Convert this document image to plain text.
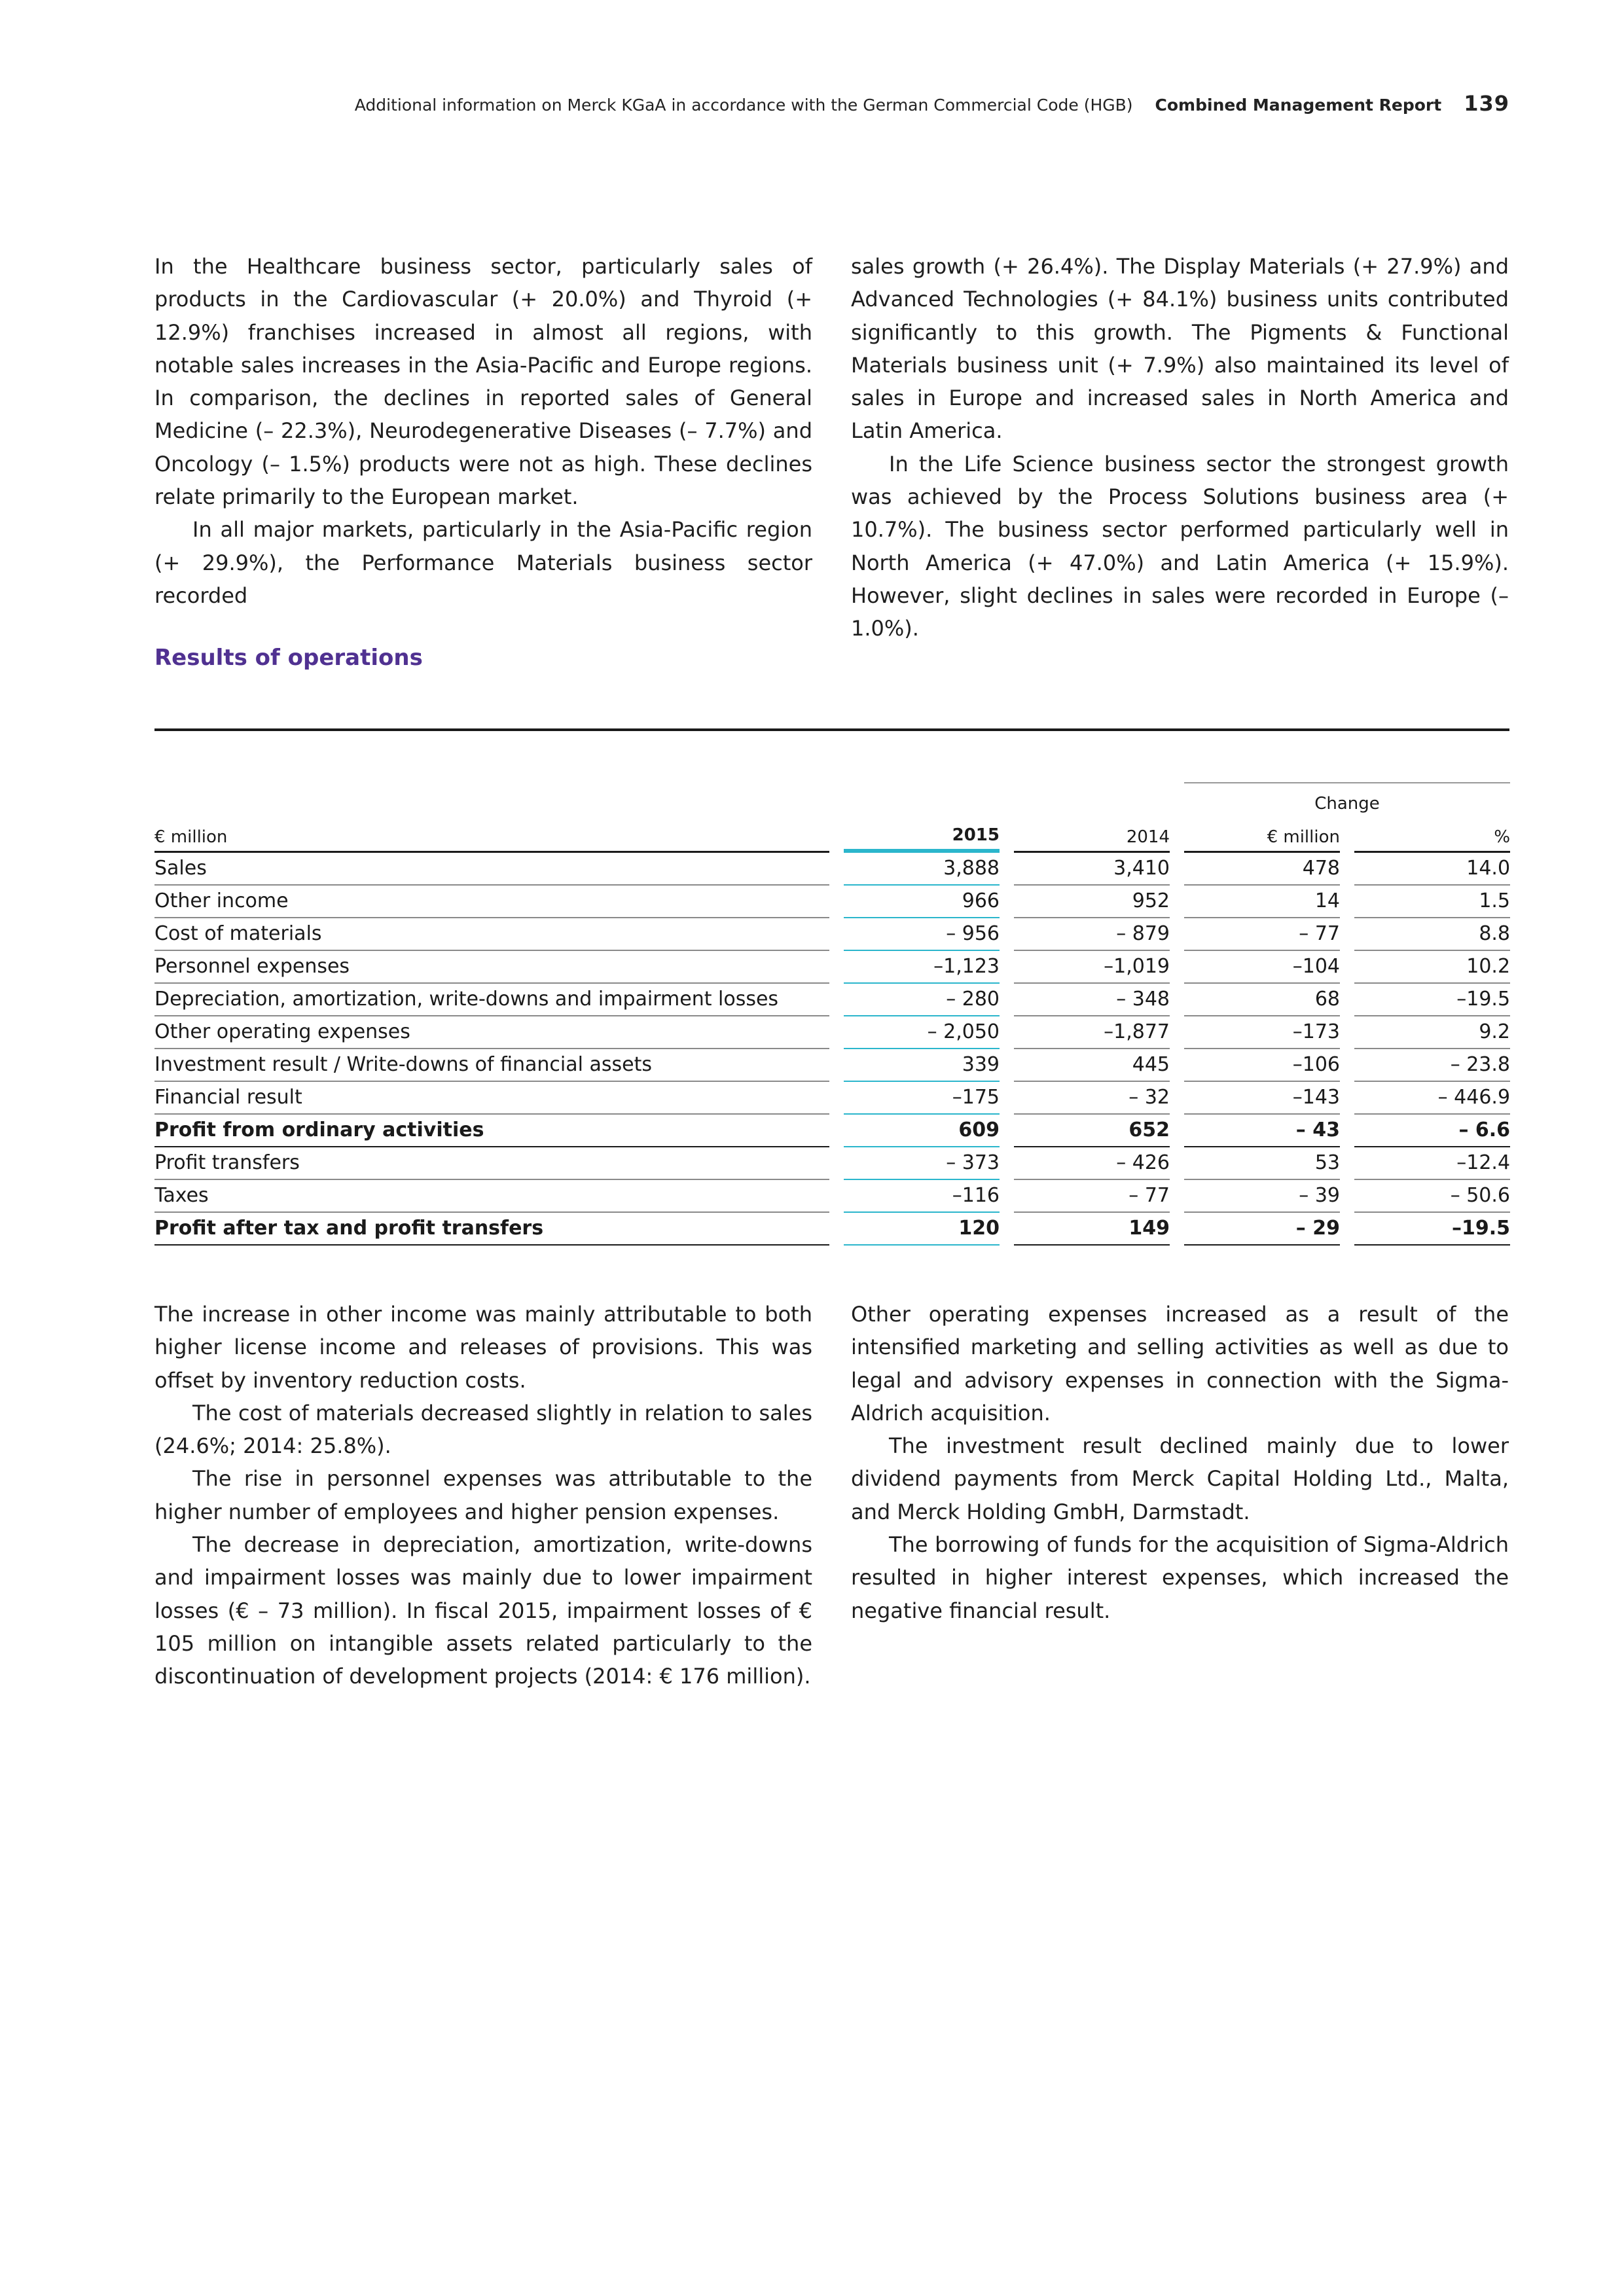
Additional information on Merck KGaA in accordance with the German Commercial Code (HGB) Combined Management Report 139

In the Healthcare business sector, particularly sales of products in the Cardiovascular (+ 20.0%) and Thyroid (+ 12.9%) franchises increased in almost all regions, with notable sales increases in the Asia-Pacific and Europe regions. In comparison, the declines in reported sales of General Medicine (– 22.3%), Neurodegenerative Diseases (– 7.7%) and Oncology (– 1.5%) products were not as high. These declines relate primarily to the European market.

In all major markets, particularly in the Asia-Pacific region (+ 29.9%), the Performance Materials business sector recorded

sales growth (+ 26.4%). The Display Materials (+ 27.9%) and Advanced Technologies (+ 84.1%) business units contributed significantly to this growth. The Pigments & Functional Materials business unit (+ 7.9%) also maintained its level of sales in Europe and increased sales in North America and Latin America.

In the Life Science business sector the strongest growth was achieved by the Process Solutions business area (+ 10.7%). The business sector performed particularly well in North America (+ 47.0%) and Latin America (+ 15.9%). However, slight declines in sales were recorded in Europe (– 1.0%).

Results of operations
						Change		
€ million		2015		2014		€ million		%
Sales		3,888		3,410		478		14.0
Other income		966		952		14		1.5
Cost of materials		– 956		– 879		– 77		8.8
Personnel expenses		–1,123		–1,019		–104		10.2
Depreciation, amortization, write-downs and impairment losses		– 280		– 348		68		–19.5
Other operating expenses		– 2,050		–1,877		–173		9.2
Investment result / Write-downs of financial assets		339		445		–106		– 23.8
Financial result		–175		– 32		–143		– 446.9
Profit from ordinary activities		609		652		– 43		– 6.6
Profit transfers		– 373		– 426		53		–12.4
Taxes		–116		– 77		– 39		– 50.6
Profit after tax and profit transfers		120		149		– 29		–19.5

The increase in other income was mainly attributable to both higher license income and releases of provisions. This was offset by inventory reduction costs.

The cost of materials decreased slightly in relation to sales (24.6%; 2014: 25.8%).

The rise in personnel expenses was attributable to the higher number of employees and higher pension expenses.

The decrease in depreciation, amortization, write-downs and impairment losses was mainly due to lower impairment losses (€ – 73 million). In fiscal 2015, impairment losses of € 105 million on intangible assets related particularly to the discontinuation of development projects (2014: € 176 million).

Other operating expenses increased as a result of the intensified marketing and selling activities as well as due to legal and advisory expenses in connection with the Sigma-Aldrich acquisition.

The investment result declined mainly due to lower dividend payments from Merck Capital Holding Ltd., Malta, and Merck Holding GmbH, Darmstadt.

The borrowing of funds for the acquisition of Sigma-Aldrich resulted in higher interest expenses, which increased the negative financial result.
